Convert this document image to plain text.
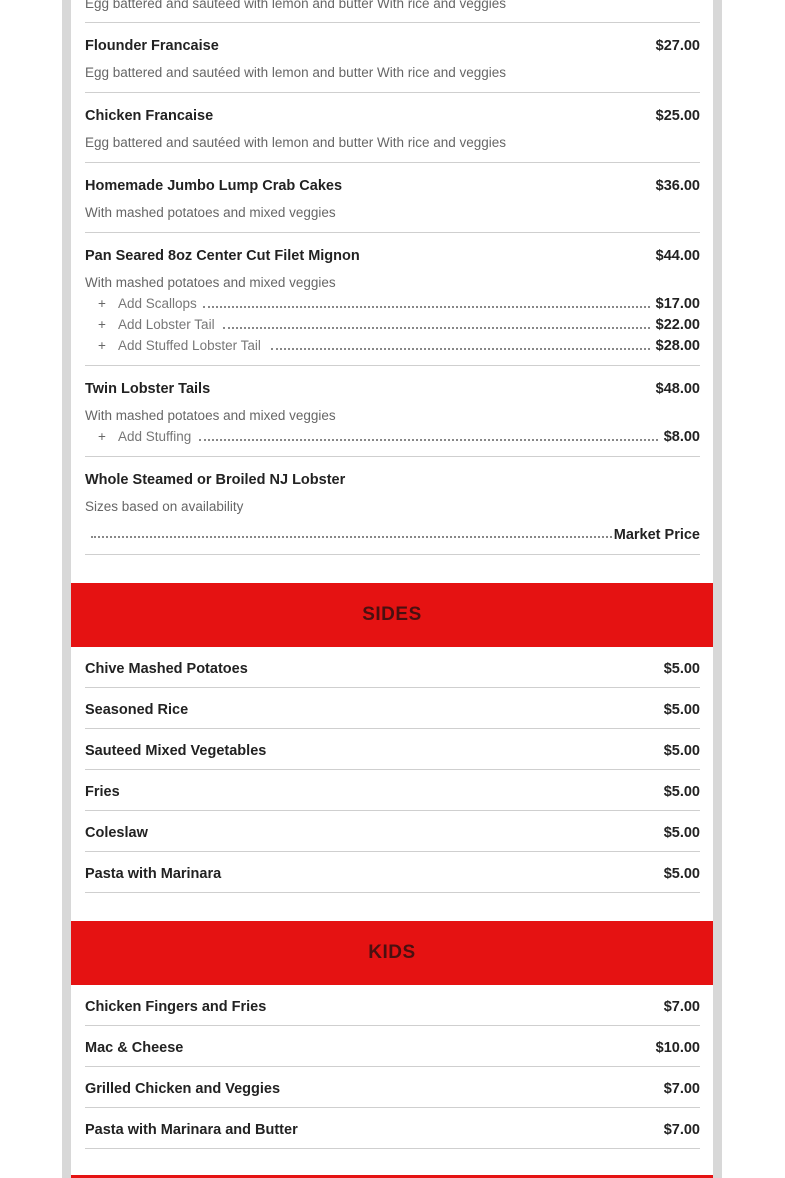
Egg battered and sautéed with lemon and butter With rice and veggies
Flounder Francaise	$27.00
Egg battered and sautéed with lemon and butter With rice and veggies
Chicken Francaise	$25.00
Egg battered and sautéed with lemon and butter With rice and veggies
Homemade Jumbo Lump Crab Cakes	$36.00
With mashed potatoes and mixed veggies
Pan Seared 8oz Center Cut Filet Mignon	$44.00
With mashed potatoes and mixed veggies
+ Add Scallops	$17.00
+ Add Lobster Tail	$22.00
+ Add Stuffed Lobster Tail	$28.00
Twin Lobster Tails	$48.00
With mashed potatoes and mixed veggies
+ Add Stuffing	$8.00
Whole Steamed or Broiled NJ Lobster
Sizes based on availability
Market Price
SIDES
Chive Mashed Potatoes	$5.00
Seasoned Rice	$5.00
Sauteed Mixed Vegetables	$5.00
Fries	$5.00
Coleslaw	$5.00
Pasta with Marinara	$5.00
KIDS
Chicken Fingers and Fries	$7.00
Mac & Cheese	$10.00
Grilled Chicken and Veggies	$7.00
Pasta with Marinara and Butter	$7.00
